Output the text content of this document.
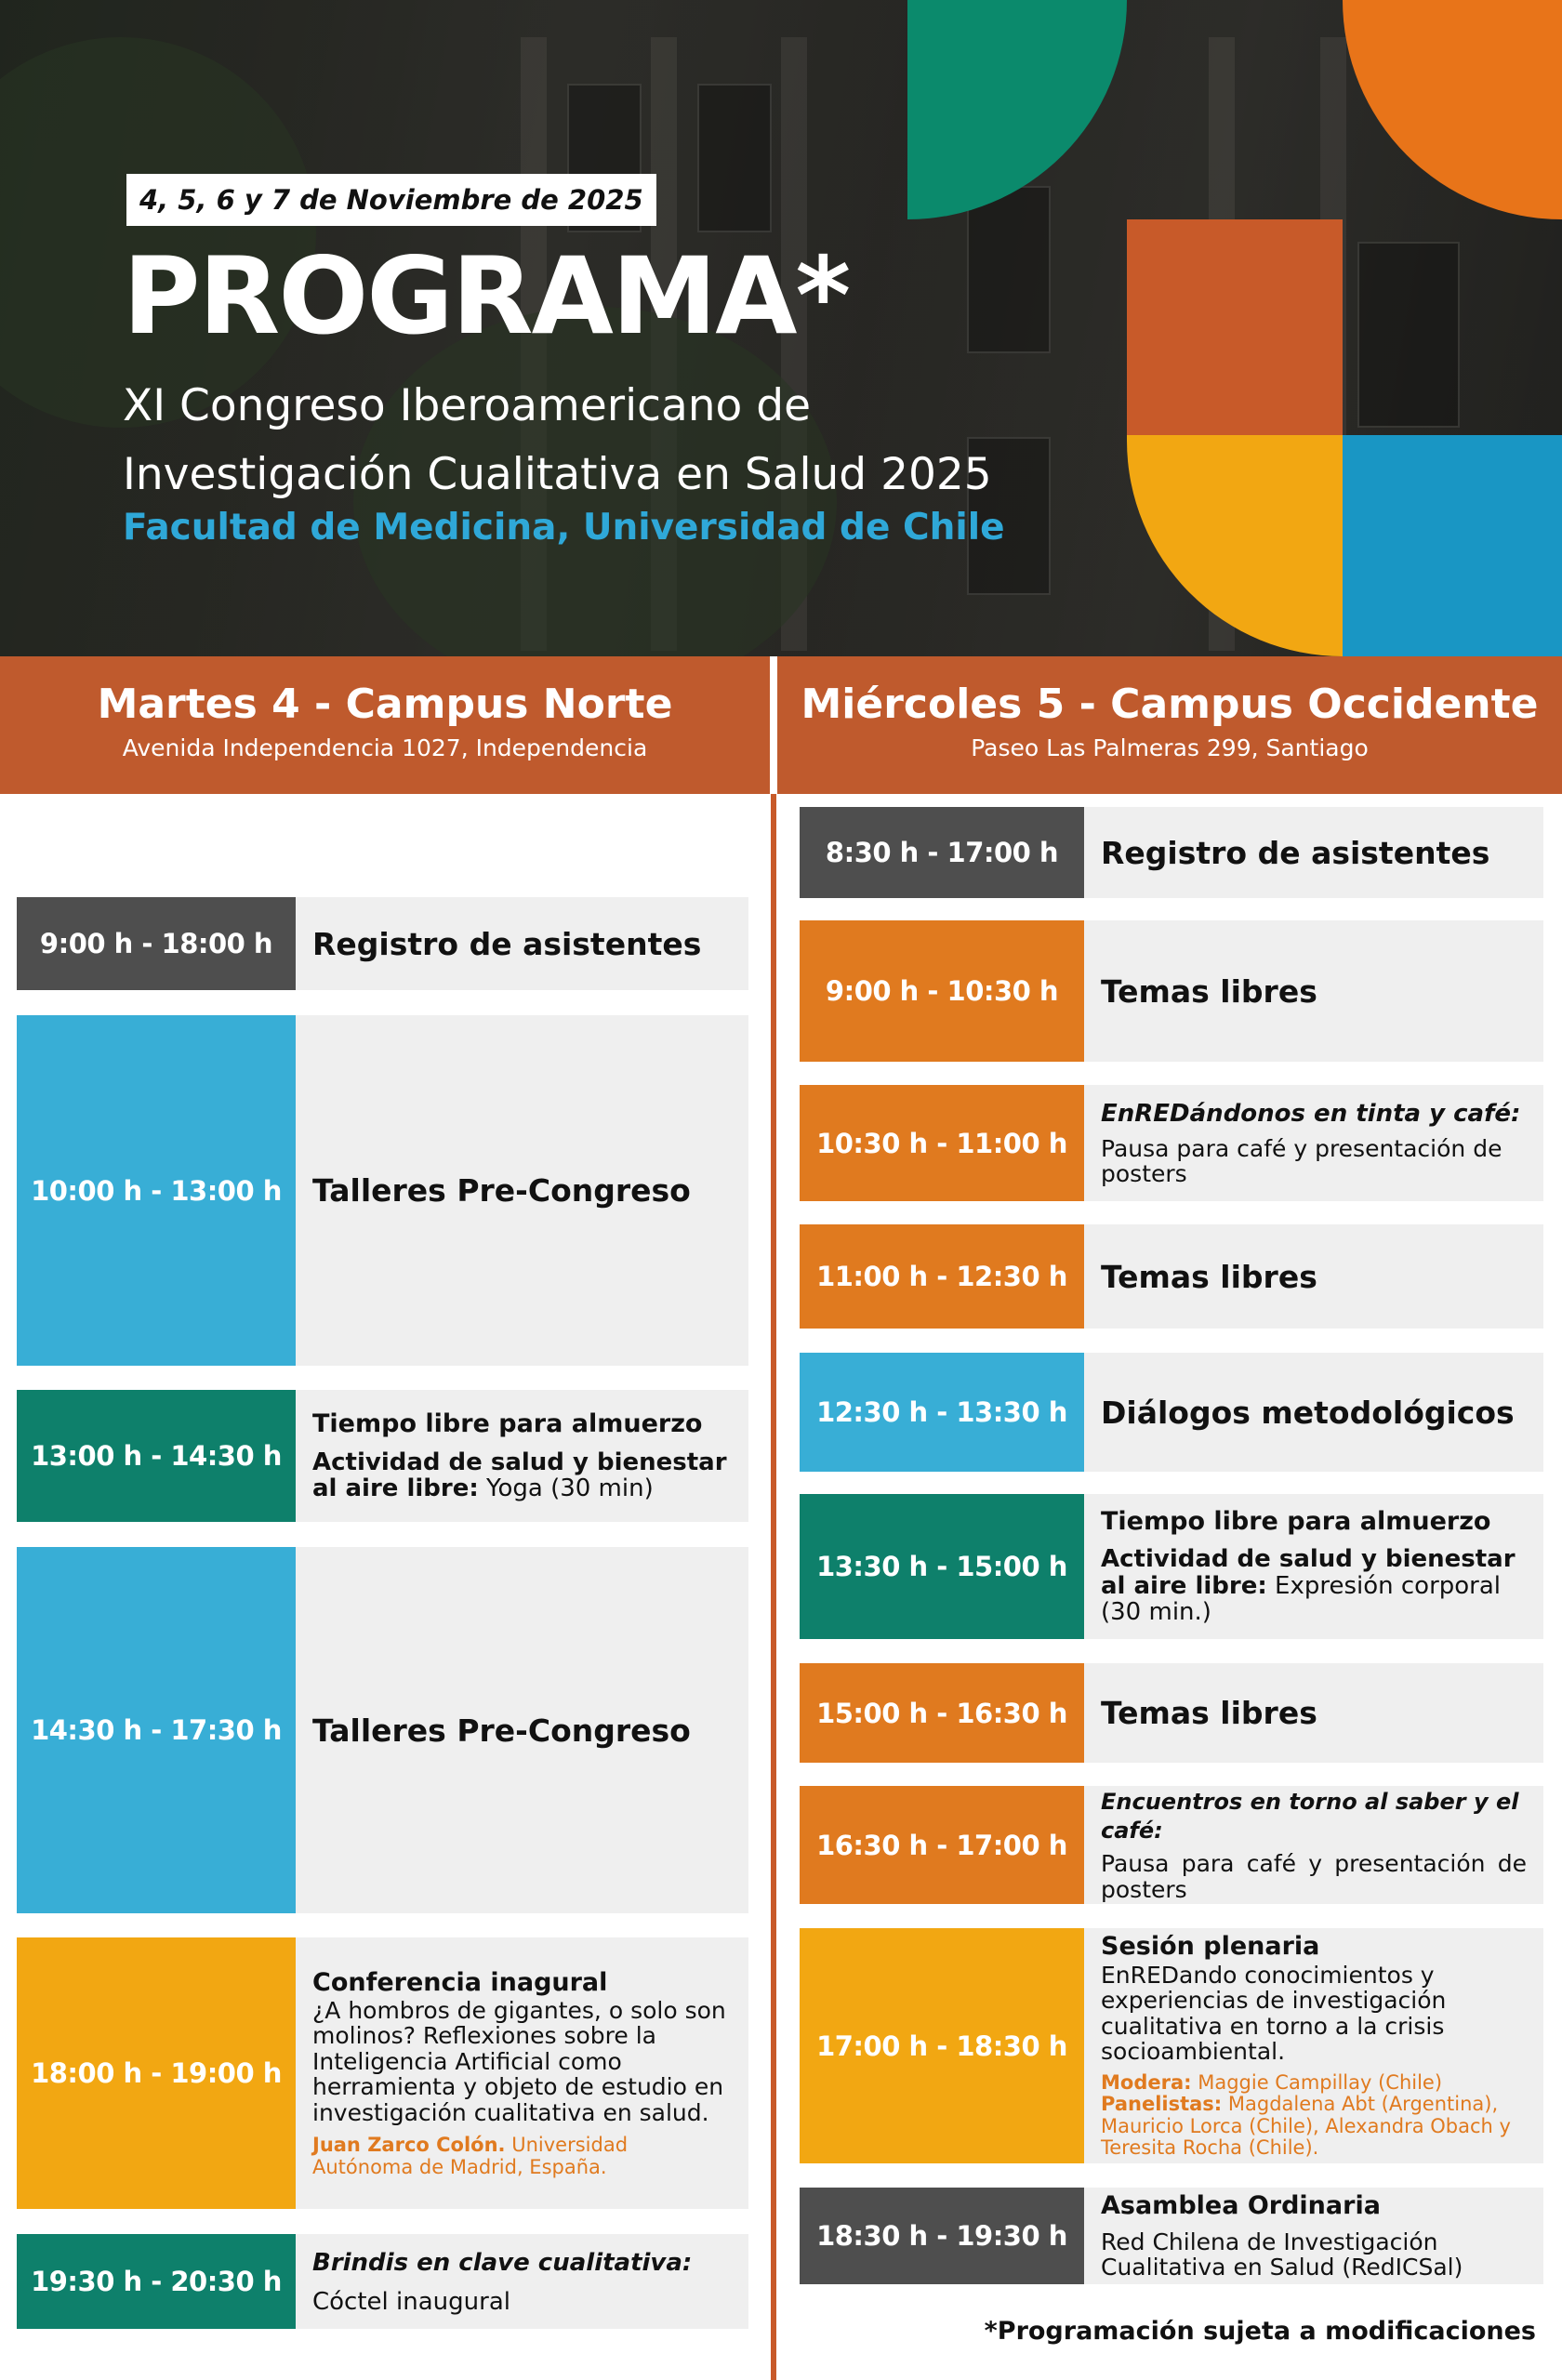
4, 5, 6 y 7 de Noviembre de 2025
PROGRAMA*
XI Congreso Iberoamericano de
Investigación Cualitativa en Salud 2025
Facultad de Medicina, Universidad de Chile
Martes 4 - Campus Norte
Avenida Independencia 1027, Independencia
Miércoles 5 - Campus Occidente
Paseo Las Palmeras 299, Santiago
9:00 h - 18:00 h	Registro de asistentes
10:00 h - 13:00 h	Talleres Pre-Congreso
13:00 h - 14:30 h
Tiempo libre para almuerzo
Actividad de salud y bienestar al aire libre: Yoga (30 min)
14:30 h - 17:30 h	Talleres Pre-Congreso
18:00 h - 19:00 h
Conferencia inagural
¿A hombros de gigantes, o solo son molinos? Reflexiones sobre la Inteligencia Artificial como herramienta y objeto de estudio en investigación cualitativa en salud.
Juan Zarco Colón. Universidad Autónoma de Madrid, España.
19:30 h - 20:30 h
Brindis en clave cualitativa:
Cóctel inaugural
8:30 h - 17:00 h	Registro de asistentes
9:00 h - 10:30 h	Temas libres
10:30 h - 11:00 h
EnREDándonos en tinta y café:
Pausa para café y presentación de posters
11:00 h - 12:30 h	Temas libres
12:30 h - 13:30 h	Diálogos metodológicos
13:30 h - 15:00 h
Tiempo libre para almuerzo
Actividad de salud y bienestar al aire libre: Expresión corporal (30 min.)
15:00 h - 16:30 h	Temas libres
16:30 h - 17:00 h
Encuentros en torno al saber y el café:
Pausa para café y presentación de posters
17:00 h - 18:30 h
Sesión plenaria
EnREDando conocimientos y experiencias de investigación cualitativa en torno a la crisis socioambiental.
Modera: Maggie Campillay (Chile)
Panelistas: Magdalena Abt (Argentina), Mauricio Lorca (Chile), Alexandra Obach y Teresita Rocha (Chile).
18:30 h - 19:30 h
Asamblea Ordinaria
Red Chilena de Investigación Cualitativa en Salud (RedICSal)
*Programación sujeta a modificaciones
